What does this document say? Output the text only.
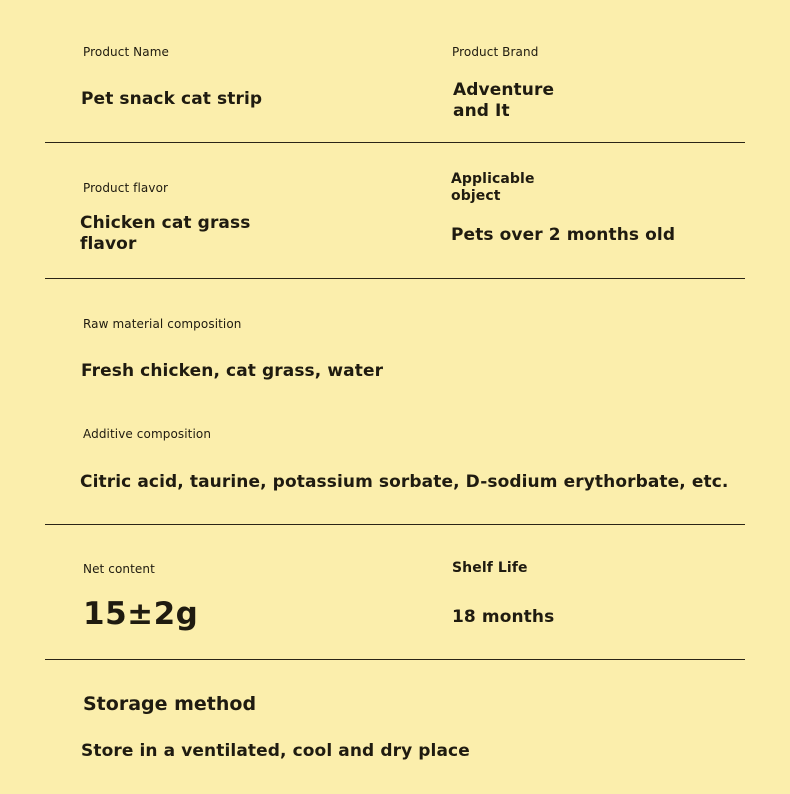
Product Name
Pet snack cat strip
Product Brand
Adventure and It
Product flavor
Chicken cat grass flavor
Applicable object
Pets over 2 months old
Raw material composition
Fresh chicken, cat grass, water
Additive composition
Citric acid, taurine, potassium sorbate, D-sodium erythorbate, etc.
Net content
15±2g
Shelf Life
18 months
Storage method
Store in a ventilated, cool and dry place
